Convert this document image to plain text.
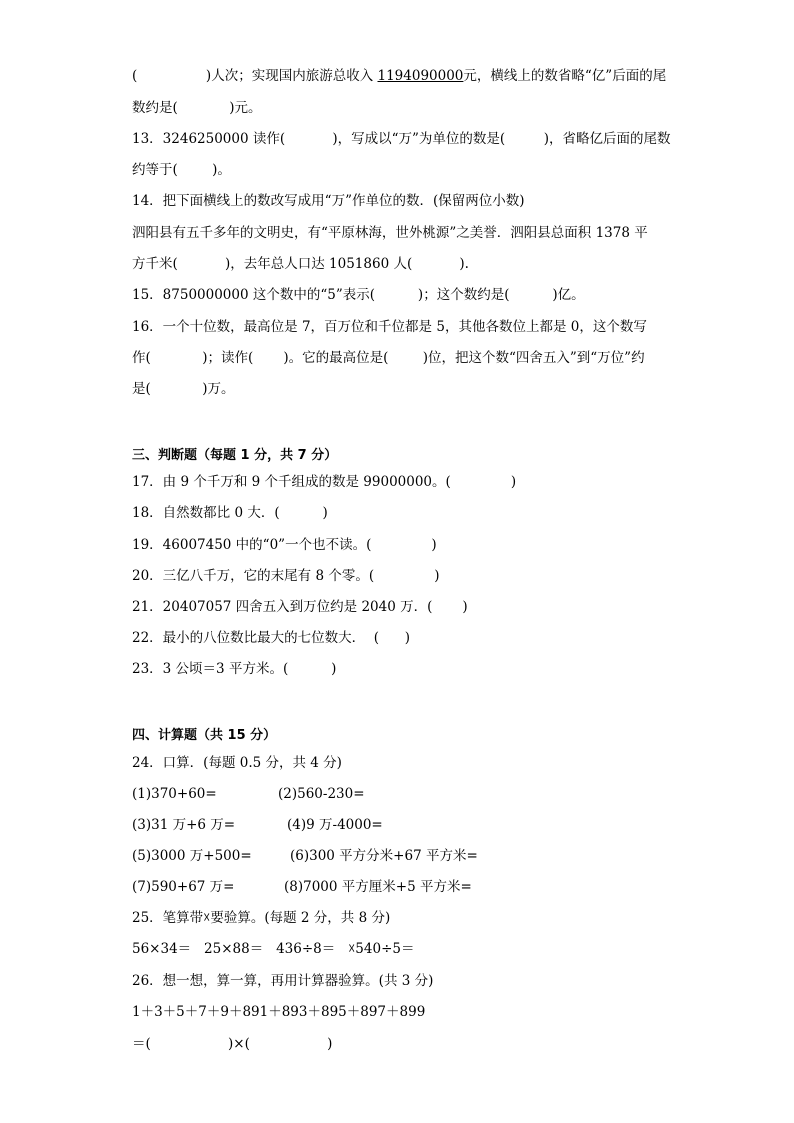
(                )人次；实现国内旅游总收入 1194090000元，横线上的数省略“亿”后面的尾
数约是(            )元。
13．3246250000 读作(           )，写成以“万”为单位的数是(         )，省略亿后面的尾数
约等于(        )。
14．把下面横线上的数改写成用“万”作单位的数．(保留两位小数)
泗阳县有五千多年的文明史，有“平原林海，世外桃源”之美誉．泗阳县总面积 1378 平
方千米(           )，去年总人口达 1051860 人(           ).
15．8750000000 这个数中的“5”表示(          )；这个数约是(          )亿。
16．一个十位数，最高位是 7，百万位和千位都是 5，其他各数位上都是 0，这个数写
作(            )；读作(       )。它的最高位是(        )位，把这个数“四舍五入”到“万位”约
是(            )万。
三、判断题（每题 1 分，共 7 分）
17．由 9 个千万和 9 个千组成的数是 99000000。(              )
18．自然数都比 0 大．(          )
19．46007450 中的“0”一个也不读。(              )
20．三亿八千万，它的末尾有 8 个零。(              )
21．20407057 四舍五入到万位约是 2040 万．(       )
22．最小的八位数比最大的七位数大．  (      )
23．3 公顷＝3 平方米。(          )
四、计算题（共 15 分）
24．口算．(每题 0.5 分，共 4 分)
(1)370+60=	(2)560-230=
(3)31 万+6 万=	(4)9 万-4000=
(5)3000 万+500=	(6)300 平方分米+67 平方米=
(7)590+67 万=	(8)7000 平方厘米+5 平方米=
25．笔算带☓要验算。(每题 2 分，共 8 分)
56×34＝   25×88＝   436÷8＝   ☓540÷5＝
26．想一想，算一算，再用计算器验算。(共 3 分)
1＋3＋5＋7＋9＋891＋893＋895＋897＋899
＝(                  )×(                  )
